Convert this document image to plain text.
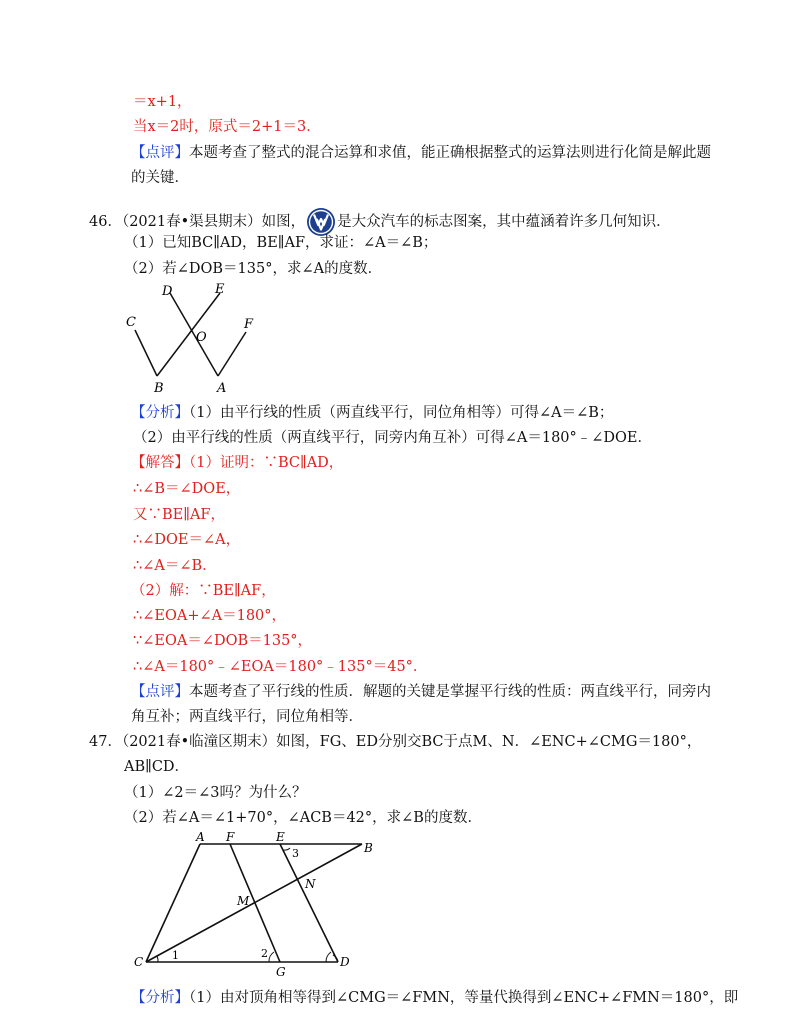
＝x+1，
当x＝2时，原式＝2+1＝3．
【点评】本题考查了整式的混合运算和求值，能正确根据整式的运算法则进行化简是解此题
的关键．
46．（2021春•渠县期末）如图， 是大众汽车的标志图案，其中蕴涵着许多几何知识．
（1）已知BC∥AD，BE∥AF，求证：∠A＝∠B；
（2）若∠DOB＝135°，求∠A的度数．
C
D	E
F
O
B	A
【分析】（1）由平行线的性质（两直线平行，同位角相等）可得∠A＝∠B；
（2）由平行线的性质（两直线平行，同旁内角互补）可得∠A＝180°﹣∠DOE．
【解答】（1）证明：∵BC∥AD，
∴∠B＝∠DOE，
又∵BE∥AF，
∴∠DOE＝∠A，
∴∠A＝∠B．
（2）解：∵BE∥AF，
∴∠EOA+∠A＝180°，
∵∠EOA＝∠DOB＝135°，
∴∠A＝180°﹣∠EOA＝180°﹣135°＝45°．
【点评】本题考查了平行线的性质．解题的关键是掌握平行线的性质：两直线平行，同旁内
角互补；两直线平行，同位角相等．
47．（2021春•临潼区期末）如图，FG、ED分别交BC于点M、N．∠ENC+∠CMG＝180°，
AB∥CD．
（1）∠2＝∠3吗？为什么？
（2）若∠A＝∠1+70°，∠ACB＝42°，求∠B的度数．
A F	E
B
N
M
C
G
D
1	2
3
【分析】（1）由对顶角相等得到∠CMG＝∠FMN，等量代换得到∠ENC+∠FMN＝180°，即
